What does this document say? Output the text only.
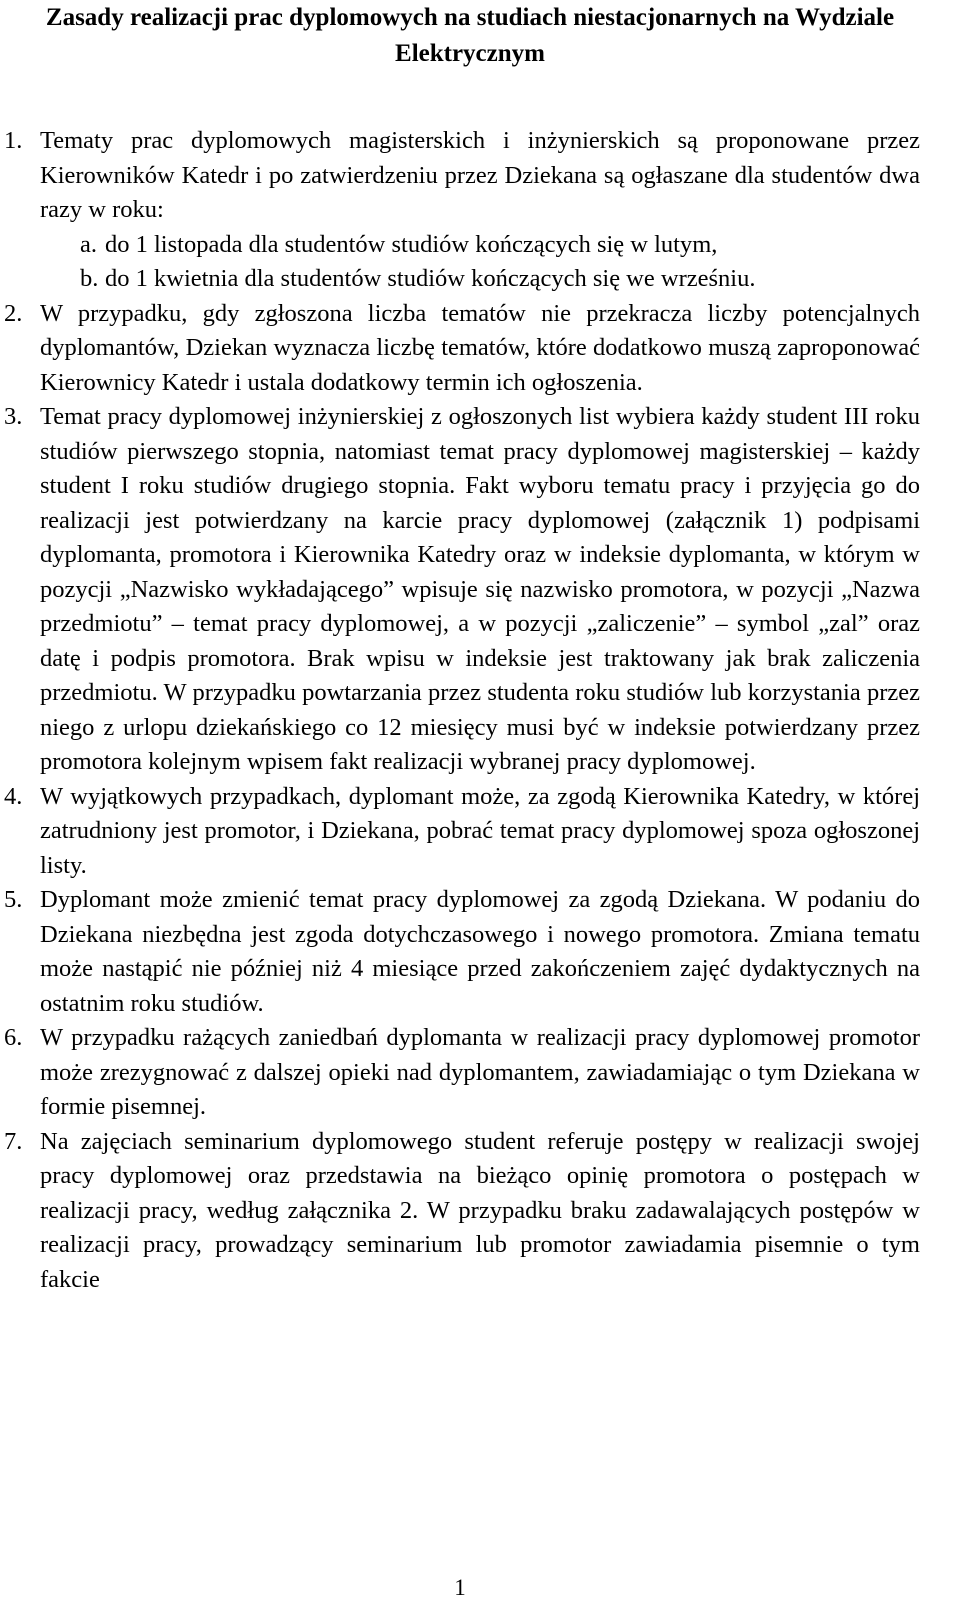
Zasady realizacji prac dyplomowych na studiach niestacjonarnych na Wydziale Elektrycznym
1. Tematy prac dyplomowych magisterskich i inżynierskich są proponowane przez Kierowników Katedr i po zatwierdzeniu przez Dziekana są ogłaszane dla studentów dwa razy w roku:
a. do 1 listopada dla studentów studiów kończących się w lutym,
b. do 1 kwietnia dla studentów studiów kończących się we wrześniu.
2. W przypadku, gdy zgłoszona liczba tematów nie przekracza liczby potencjalnych dyplomantów, Dziekan wyznacza liczbę tematów, które dodatkowo muszą zaproponować Kierownicy Katedr i ustala dodatkowy termin ich ogłoszenia.
3. Temat pracy dyplomowej inżynierskiej z ogłoszonych list wybiera każdy student III roku studiów pierwszego stopnia, natomiast temat pracy dyplomowej magisterskiej – każdy student I roku studiów drugiego stopnia. Fakt wyboru tematu pracy i przyjęcia go do realizacji jest potwierdzany na karcie pracy dyplomowej (załącznik 1) podpisami dyplomanta, promotora i Kierownika Katedry oraz w indeksie dyplomanta, w którym w pozycji „Nazwisko wykładającego” wpisuje się nazwisko promotora, w pozycji „Nazwa przedmiotu” – temat pracy dyplomowej, a w pozycji „zaliczenie” – symbol „zal” oraz datę i podpis promotora. Brak wpisu w indeksie jest traktowany jak brak zaliczenia przedmiotu. W przypadku powtarzania przez studenta roku studiów lub korzystania przez niego z urlopu dziekańskiego co 12 miesięcy musi być w indeksie potwierdzany przez promotora kolejnym wpisem fakt realizacji wybranej pracy dyplomowej.
4. W wyjątkowych przypadkach, dyplomant może, za zgodą Kierownika Katedry, w której zatrudniony jest promotor, i Dziekana, pobrać temat pracy dyplomowej spoza ogłoszonej listy.
5. Dyplomant może zmienić temat pracy dyplomowej za zgodą Dziekana. W podaniu do Dziekana niezbędna jest zgoda dotychczasowego i nowego promotora. Zmiana tematu może nastąpić nie później niż 4 miesiące przed zakończeniem zajęć dydaktycznych na ostatnim roku studiów.
6. W przypadku rażących zaniedbań dyplomanta w realizacji pracy dyplomowej promotor może zrezygnować z dalszej opieki nad dyplomantem, zawiadamiając o tym Dziekana w formie pisemnej.
7. Na zajęciach seminarium dyplomowego student referuje postępy w realizacji swojej pracy dyplomowej oraz przedstawia na bieżąco opinię promotora o postępach w realizacji pracy, według załącznika 2. W przypadku braku zadawalających postępów w realizacji pracy, prowadzący seminarium lub promotor zawiadamia pisemnie o tym fakcie
1
